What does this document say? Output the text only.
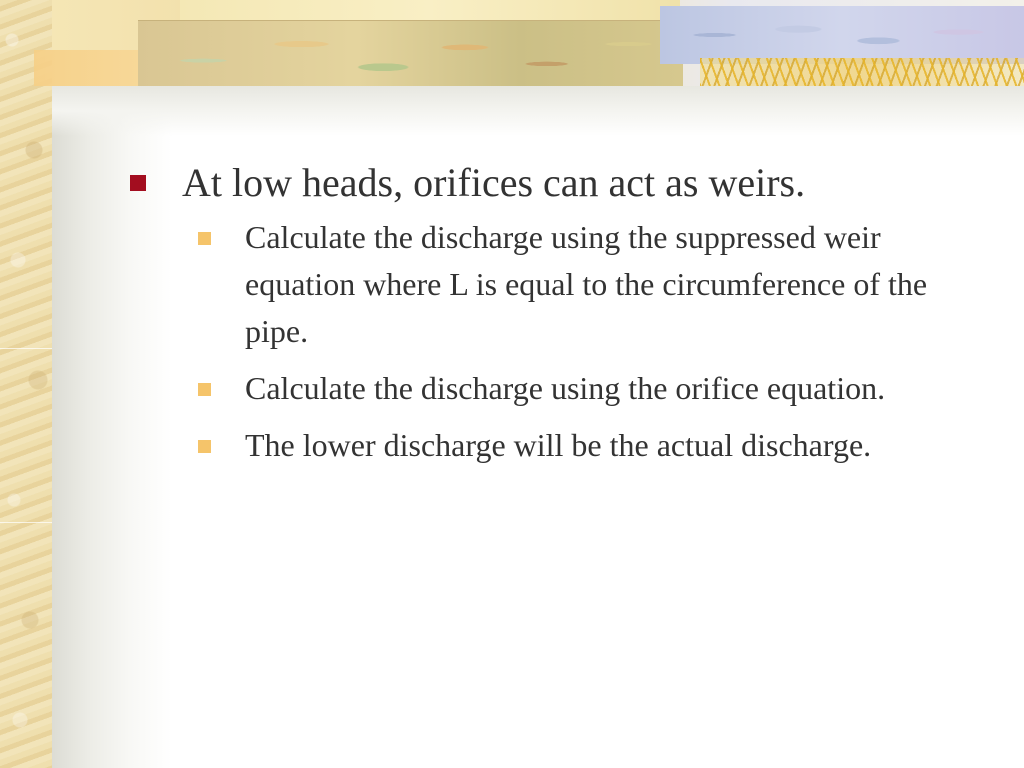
At low heads, orifices can act as weirs.
Calculate the discharge using the suppressed weir equation where L is equal to the circumference of the pipe.
Calculate the discharge using the orifice equation.
The lower discharge will be the actual discharge.
